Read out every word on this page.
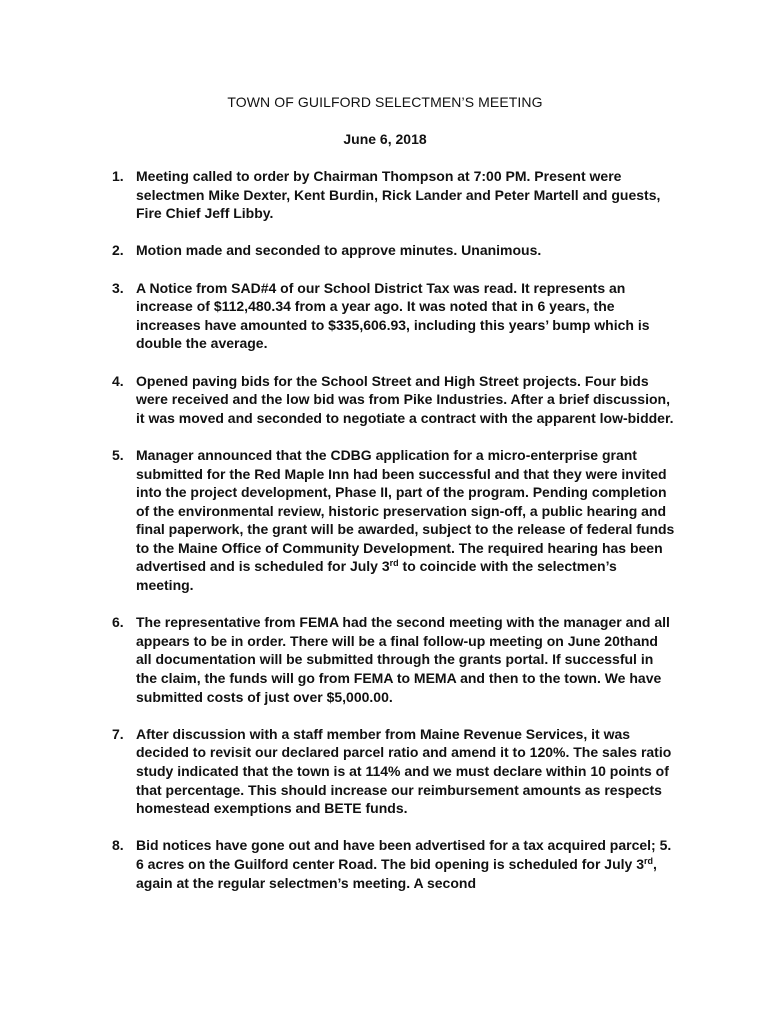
TOWN OF GUILFORD SELECTMEN’S MEETING
June 6, 2018
1. Meeting called to order by Chairman Thompson at 7:00 PM. Present were selectmen Mike Dexter, Kent Burdin, Rick Lander and Peter Martell and guests, Fire Chief Jeff Libby.
2. Motion made and seconded to approve minutes. Unanimous.
3. A Notice from SAD#4 of our School District Tax was read. It represents an increase of $112,480.34 from a year ago. It was noted that in 6 years, the increases have amounted to $335,606.93, including this years’ bump which is double the average.
4. Opened paving bids for the School Street and High Street projects. Four bids were received and the low bid was from Pike Industries. After a brief discussion, it was moved and seconded to negotiate a contract with the apparent low-bidder.
5. Manager announced that the CDBG application for a micro-enterprise grant submitted for the Red Maple Inn had been successful and that they were invited into the project development, Phase II, part of the program. Pending completion of the environmental review, historic preservation sign-off, a public hearing and final paperwork, the grant will be awarded, subject to the release of federal funds to the Maine Office of Community Development. The required hearing has been advertised and is scheduled for July 3rd to coincide with the selectmen’s meeting.
6. The representative from FEMA had the second meeting with the manager and all appears to be in order. There will be a final follow-up meeting on June 20thand all documentation will be submitted through the grants portal. If successful in the claim, the funds will go from FEMA to MEMA and then to the town. We have submitted costs of just over $5,000.00.
7. After discussion with a staff member from Maine Revenue Services, it was decided to revisit our declared parcel ratio and amend it to 120%. The sales ratio study indicated that the town is at 114% and we must declare within 10 points of that percentage. This should increase our reimbursement amounts as respects homestead exemptions and BETE funds.
8. Bid notices have gone out and have been advertised for a tax acquired parcel; 5. 6 acres on the Guilford center Road. The bid opening is scheduled for July 3rd, again at the regular selectmen’s meeting. A second
